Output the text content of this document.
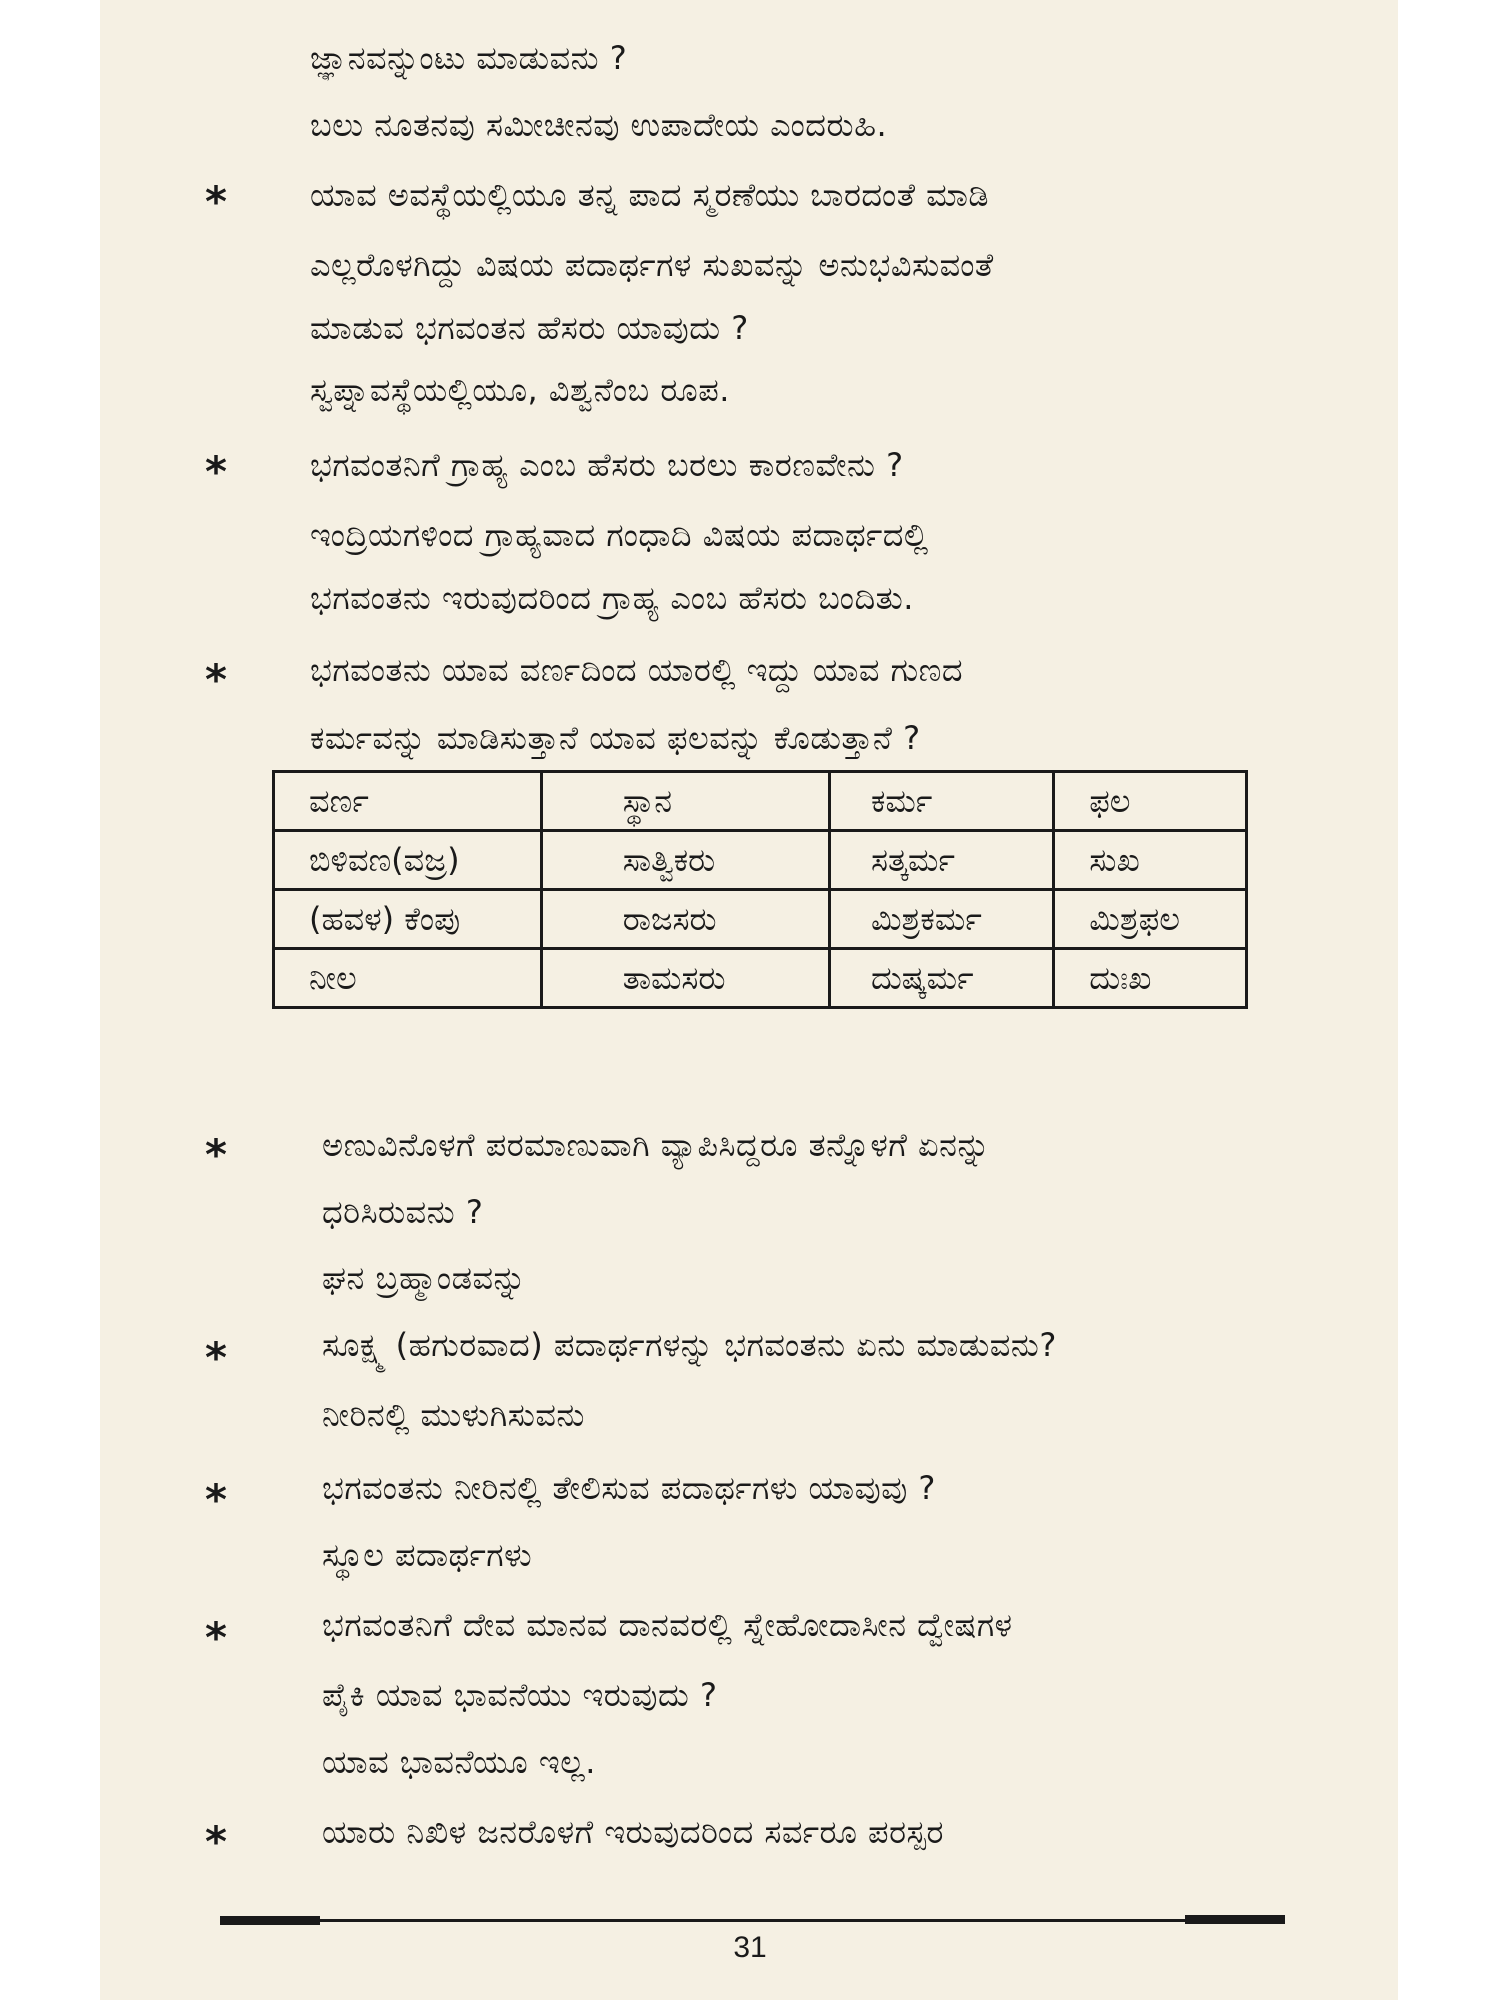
ಜ್ಞಾನವನ್ನುಂಟು ಮಾಡುವನು ?
ಬಲು ನೂತನವು ಸಮೀಚೀನವು ಉಪಾದೇಯ ಎಂದರುಹಿ.
*	ಯಾವ ಅವಸ್ಥೆಯಲ್ಲಿಯೂ ತನ್ನ ಪಾದ ಸ್ಮರಣೆಯು ಬಾರದಂತೆ ಮಾಡಿ
ಎಲ್ಲರೊಳಗಿದ್ದು ವಿಷಯ ಪದಾರ್ಥಗಳ ಸುಖವನ್ನು ಅನುಭವಿಸುವಂತೆ
ಮಾಡುವ ಭಗವಂತನ ಹೆಸರು ಯಾವುದು ?
ಸ್ವಪ್ನಾವಸ್ಥೆಯಲ್ಲಿಯೂ, ವಿಶ್ವನೆಂಬ ರೂಪ.
*	ಭಗವಂತನಿಗೆ ಗ್ರಾಹ್ಯ ಎಂಬ ಹೆಸರು ಬರಲು ಕಾರಣವೇನು ?
ಇಂದ್ರಿಯಗಳಿಂದ ಗ್ರಾಹ್ಯವಾದ ಗಂಧಾದಿ ವಿಷಯ ಪದಾರ್ಥದಲ್ಲಿ
ಭಗವಂತನು ಇರುವುದರಿಂದ ಗ್ರಾಹ್ಯ ಎಂಬ ಹೆಸರು ಬಂದಿತು.
*	ಭಗವಂತನು ಯಾವ ವರ್ಣದಿಂದ ಯಾರಲ್ಲಿ ಇದ್ದು ಯಾವ ಗುಣದ
ಕರ್ಮವನ್ನು ಮಾಡಿಸುತ್ತಾನೆ ಯಾವ ಫಲವನ್ನು ಕೊಡುತ್ತಾನೆ ?
ವರ್ಣ	ಸ್ಥಾನ	ಕರ್ಮ	ಫಲ
ಬಿಳಿವಣ(ವಜ್ರ)	ಸಾತ್ವಿಕರು	ಸತ್ಕರ್ಮ	ಸುಖ
(ಹವಳ) ಕೆಂಪು	ರಾಜಸರು	ಮಿಶ್ರಕರ್ಮ	ಮಿಶ್ರಫಲ
ನೀಲ	ತಾಮಸರು	ದುಷ್ಕರ್ಮ	ದುಃಖ
*	ಅಣುವಿನೊಳಗೆ ಪರಮಾಣುವಾಗಿ ವ್ಯಾಪಿಸಿದ್ದರೂ ತನ್ನೊಳಗೆ ಏನನ್ನು
ಧರಿಸಿರುವನು ?
ಘನ ಬ್ರಹ್ಮಾಂಡವನ್ನು
*	ಸೂಕ್ಷ್ಮ (ಹಗುರವಾದ) ಪದಾರ್ಥಗಳನ್ನು ಭಗವಂತನು ಏನು ಮಾಡುವನು?
ನೀರಿನಲ್ಲಿ ಮುಳುಗಿಸುವನು
*	ಭಗವಂತನು ನೀರಿನಲ್ಲಿ ತೇಲಿಸುವ ಪದಾರ್ಥಗಳು ಯಾವುವು ?
ಸ್ಥೂಲ ಪದಾರ್ಥಗಳು
*	ಭಗವಂತನಿಗೆ ದೇವ ಮಾನವ ದಾನವರಲ್ಲಿ ಸ್ನೇಹೋದಾಸೀನ ದ್ವೇಷಗಳ
ಪೈಕಿ ಯಾವ ಭಾವನೆಯು ಇರುವುದು ?
ಯಾವ ಭಾವನೆಯೂ ಇಲ್ಲ.
*	ಯಾರು ನಿಖಿಳ ಜನರೊಳಗೆ ಇರುವುದರಿಂದ ಸರ್ವರೂ ಪರಸ್ಪರ
31
